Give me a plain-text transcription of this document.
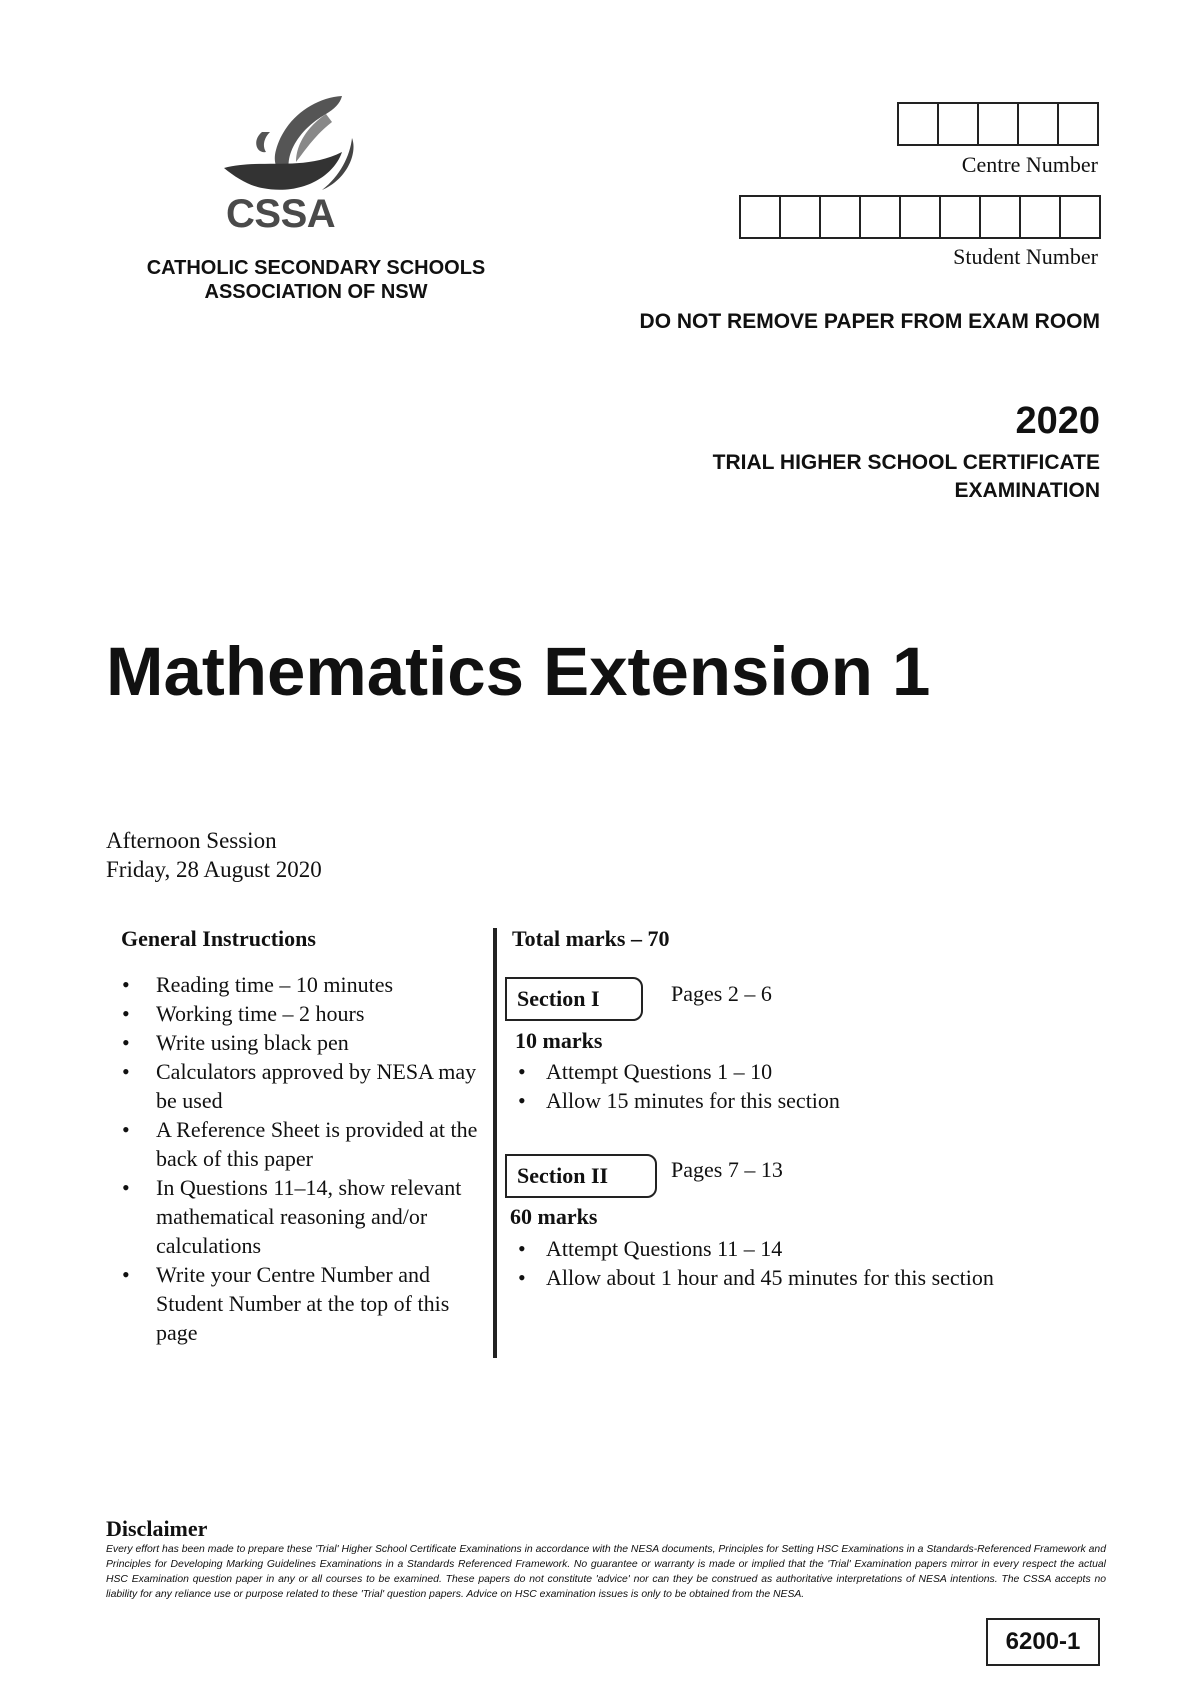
CSSA
CATHOLIC SECONDARY SCHOOLS
ASSOCIATION OF NSW
Centre Number
Student Number
DO NOT REMOVE PAPER FROM EXAM ROOM
2020
TRIAL HIGHER SCHOOL CERTIFICATE
EXAMINATION
Mathematics Extension 1
Afternoon Session
Friday, 28 August 2020
General Instructions
• Reading time – 10 minutes
• Working time – 2 hours
• Write using black pen
• Calculators approved by NESA may be used
• A Reference Sheet is provided at the back of this paper
• In Questions 11–14, show relevant mathematical reasoning and/or calculations
• Write your Centre Number and Student Number at the top of this page
Total marks – 70
Section I	Pages 2 – 6
10 marks
• Attempt Questions 1 – 10
• Allow 15 minutes for this section
Section II	Pages 7 – 13
60 marks
• Attempt Questions 11 – 14
• Allow about 1 hour and 45 minutes for this section
Disclaimer
Every effort has been made to prepare these 'Trial' Higher School Certificate Examinations in accordance with the NESA documents, Principles for Setting HSC Examinations in a Standards-Referenced Framework and Principles for Developing Marking Guidelines Examinations in a Standards Referenced Framework. No guarantee or warranty is made or implied that the 'Trial' Examination papers mirror in every respect the actual HSC Examination question paper in any or all courses to be examined. These papers do not constitute 'advice' nor can they be construed as authoritative interpretations of NESA intentions. The CSSA accepts no liability for any reliance use or purpose related to these 'Trial' question papers. Advice on HSC examination issues is only to be obtained from the NESA.
6200-1
